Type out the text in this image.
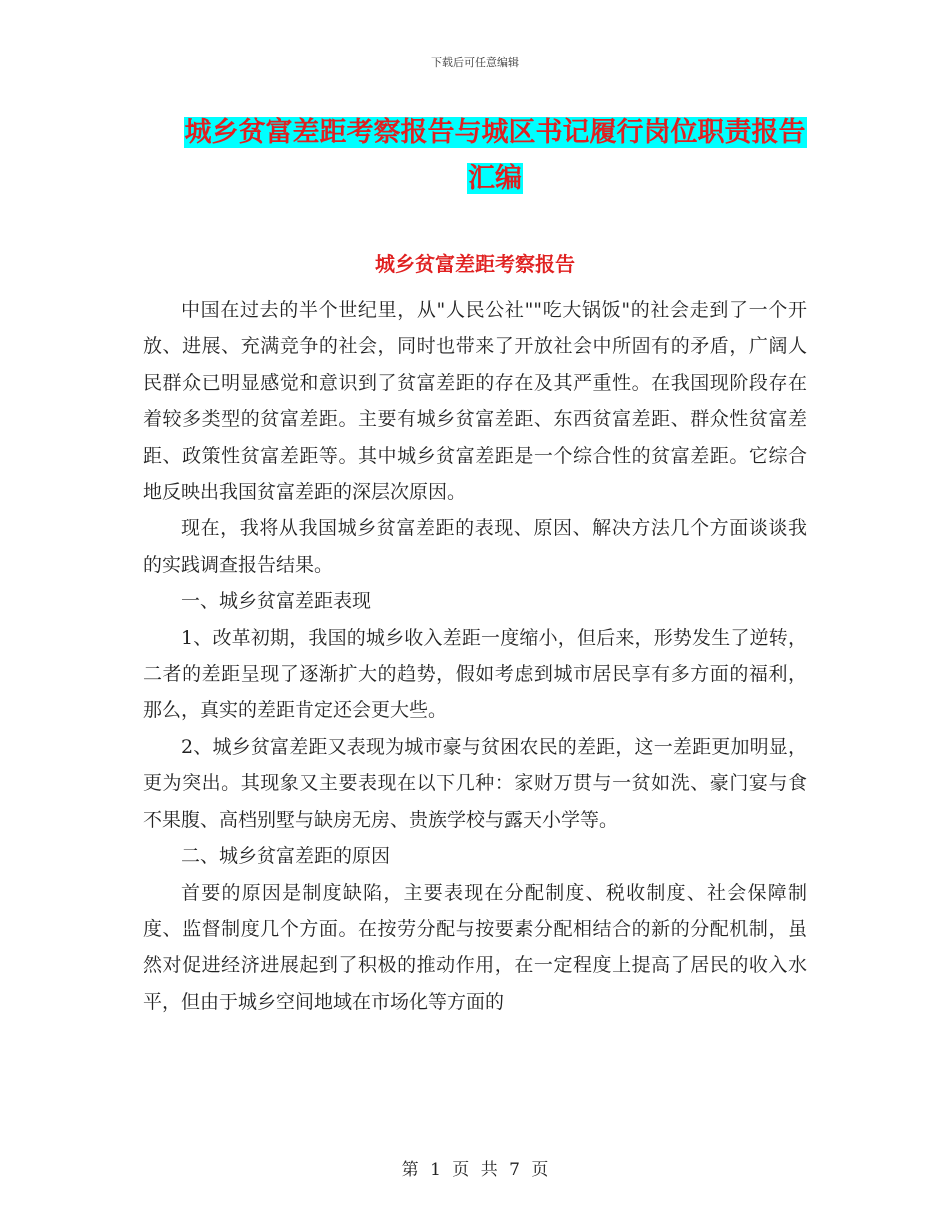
下载后可任意编辑
城乡贫富差距考察报告与城区书记履行岗位职责报告
汇编
城乡贫富差距考察报告

中国在过去的半个世纪里，从"人民公社""吃大锅饭"的社会走到了一个开放、进展、充满竞争的社会，同时也带来了开放社会中所固有的矛盾，广阔人民群众已明显感觉和意识到了贫富差距的存在及其严重性。在我国现阶段存在着较多类型的贫富差距。主要有城乡贫富差距、东西贫富差距、群众性贫富差距、政策性贫富差距等。其中城乡贫富差距是一个综合性的贫富差距。它综合地反映出我国贫富差距的深层次原因。

现在，我将从我国城乡贫富差距的表现、原因、解决方法几个方面谈谈我的实践调查报告结果。

一、城乡贫富差距表现

1、改革初期，我国的城乡收入差距一度缩小，但后来，形势发生了逆转，二者的差距呈现了逐渐扩大的趋势，假如考虑到城市居民享有多方面的福利，那么，真实的差距肯定还会更大些。

2、城乡贫富差距又表现为城市豪与贫困农民的差距，这一差距更加明显，更为突出。其现象又主要表现在以下几种：家财万贯与一贫如洗、豪门宴与食不果腹、高档别墅与缺房无房、贵族学校与露天小学等。

二、城乡贫富差距的原因

首要的原因是制度缺陷，主要表现在分配制度、税收制度、社会保障制度、监督制度几个方面。在按劳分配与按要素分配相结合的新的分配机制，虽然对促进经济进展起到了积极的推动作用，在一定程度上提高了居民的收入水平，但由于城乡空间地域在市场化等方面的

第 1 页 共 7 页
